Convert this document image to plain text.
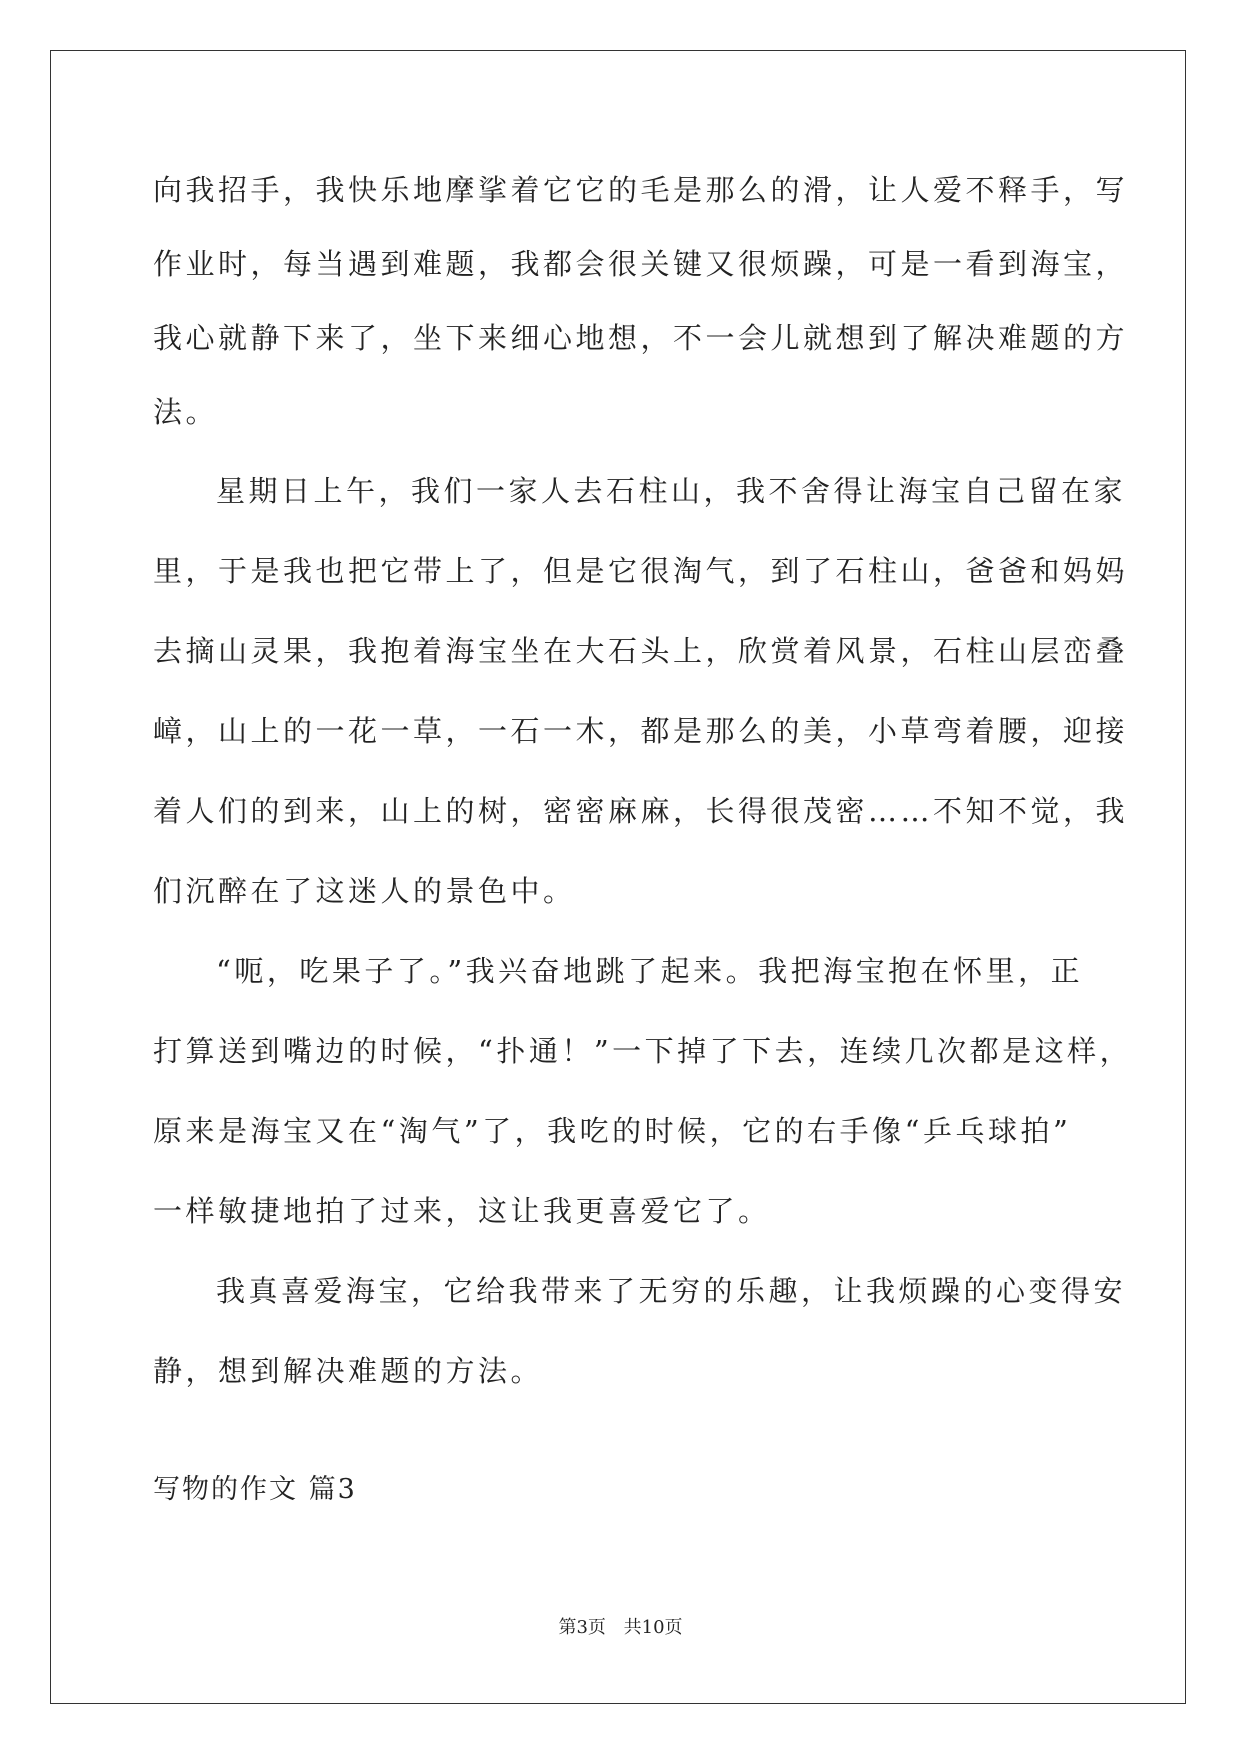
向我招手，我快乐地摩挲着它它的毛是那么的滑，让人爱不释手，写

作业时，每当遇到难题，我都会很关键又很烦躁，可是一看到海宝，

我心就静下来了，坐下来细心地想，不一会儿就想到了解决难题的方

法。

星期日上午，我们一家人去石柱山，我不舍得让海宝自己留在家

里，于是我也把它带上了，但是它很淘气，到了石柱山，爸爸和妈妈

去摘山灵果，我抱着海宝坐在大石头上，欣赏着风景，石柱山层峦叠

嶂，山上的一花一草，一石一木，都是那么的美，小草弯着腰，迎接

着人们的到来，山上的树，密密麻麻，长得很茂密……不知不觉，我

们沉醉在了这迷人的景色中。

“呃，吃果子了。”我兴奋地跳了起来。我把海宝抱在怀里，正

打算送到嘴边的时候，“扑通！”一下掉了下去，连续几次都是这样，

原来是海宝又在“淘气”了，我吃的时候，它的右手像“乒乓球拍”

一样敏捷地拍了过来，这让我更喜爱它了。

我真喜爱海宝，它给我带来了无穷的乐趣，让我烦躁的心变得安

静，想到解决难题的方法。

写物的作文 篇3

第3页 共10页
